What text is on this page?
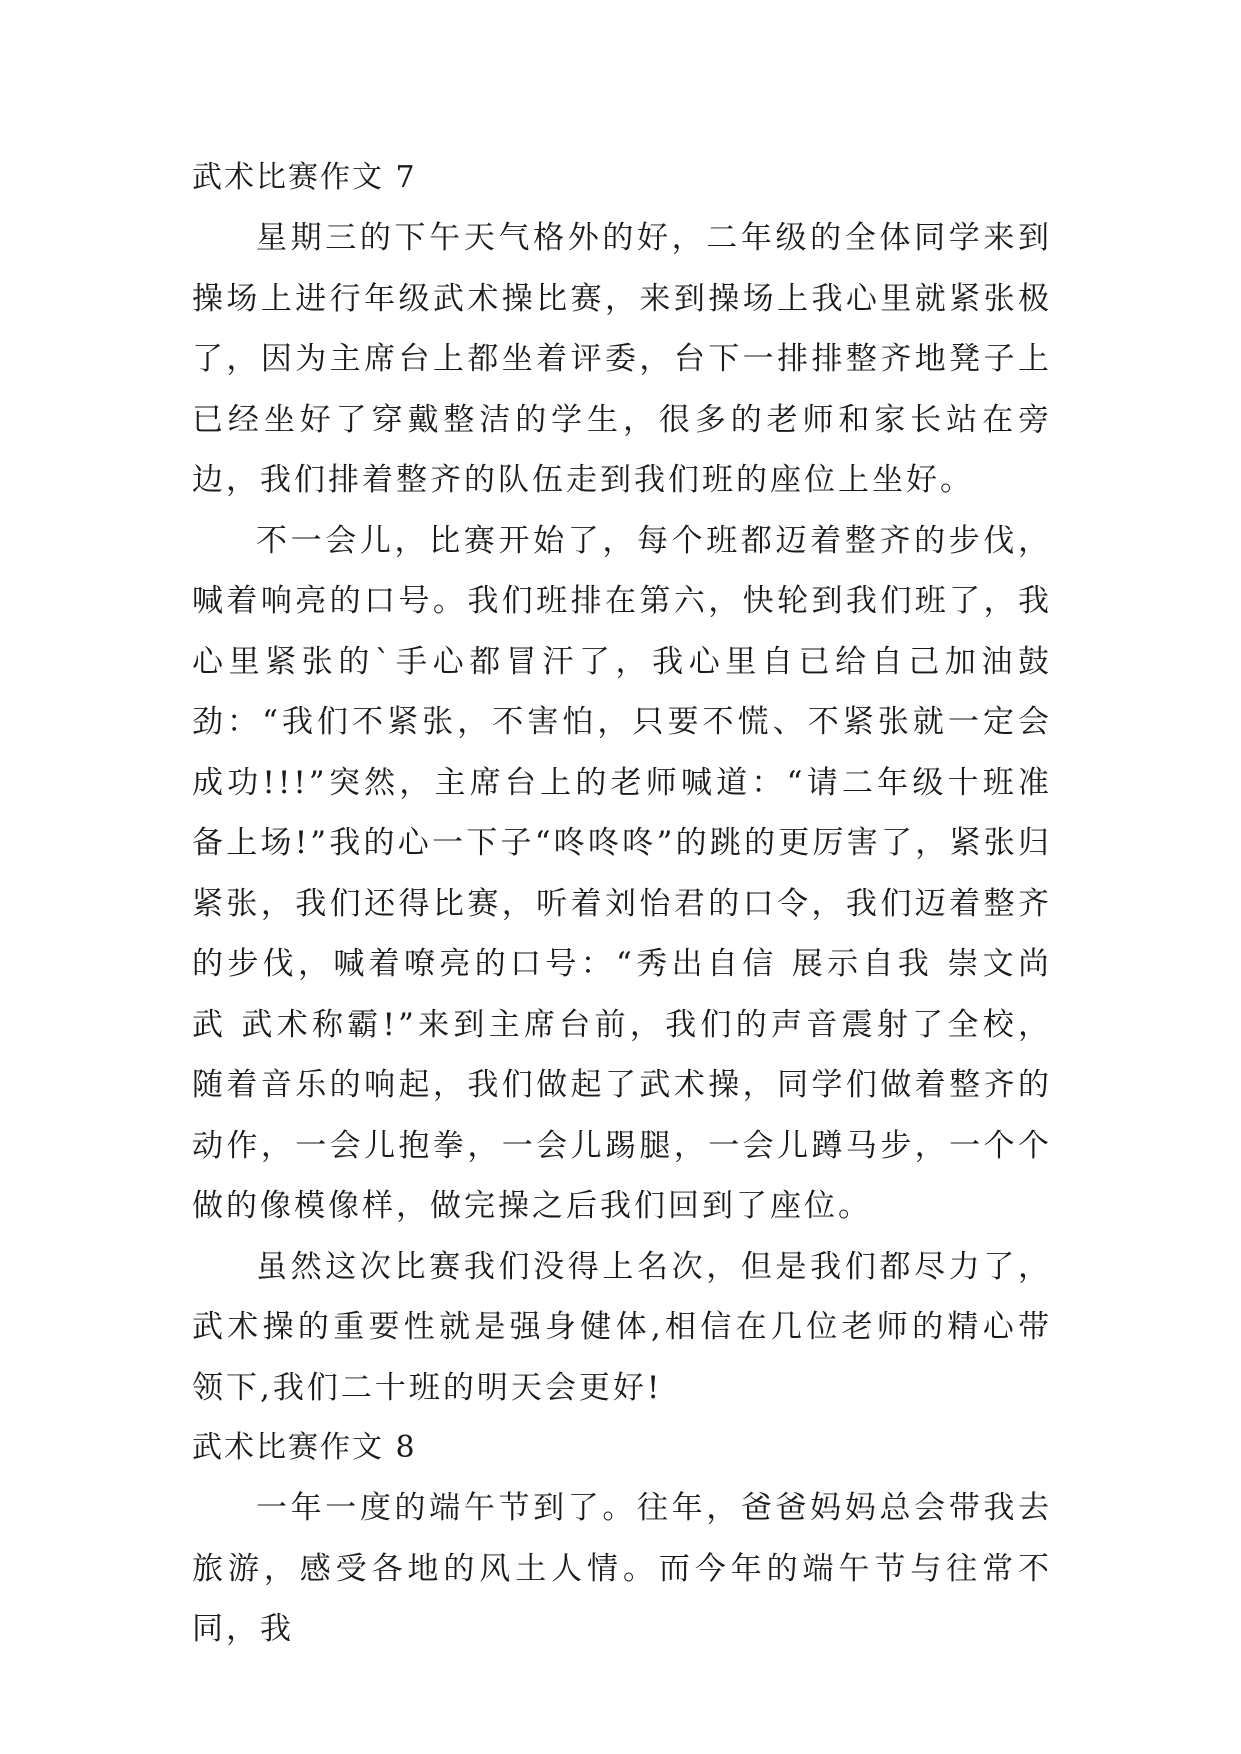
武术比赛作文 7

星期三的下午天气格外的好，二年级的全体同学来到操场上进行年级武术操比赛，来到操场上我心里就紧张极了，因为主席台上都坐着评委，台下一排排整齐地凳子上已经坐好了穿戴整洁的学生，很多的老师和家长站在旁边，我们排着整齐的队伍走到我们班的座位上坐好。

不一会儿，比赛开始了，每个班都迈着整齐的步伐，喊着响亮的口号。我们班排在第六，快轮到我们班了，我心里紧张的`手心都冒汗了，我心里自已给自己加油鼓劲：“我们不紧张，不害怕，只要不慌、不紧张就一定会成功!!!”突然，主席台上的老师喊道：“请二年级十班准备上场!”我的心一下子“咚咚咚”的跳的更厉害了，紧张归紧张，我们还得比赛，听着刘怡君的口令，我们迈着整齐的步伐，喊着嘹亮的口号：“秀出自信 展示自我 崇文尚武 武术称霸!”来到主席台前，我们的声音震射了全校，随着音乐的响起，我们做起了武术操，同学们做着整齐的动作，一会儿抱拳，一会儿踢腿，一会儿蹲马步，一个个做的像模像样，做完操之后我们回到了座位。

虽然这次比赛我们没得上名次，但是我们都尽力了，武术操的重要性就是强身健体,相信在几位老师的精心带领下,我们二十班的明天会更好!

武术比赛作文 8

一年一度的端午节到了。往年，爸爸妈妈总会带我去旅游，感受各地的风土人情。而今年的端午节与往常不同，我
